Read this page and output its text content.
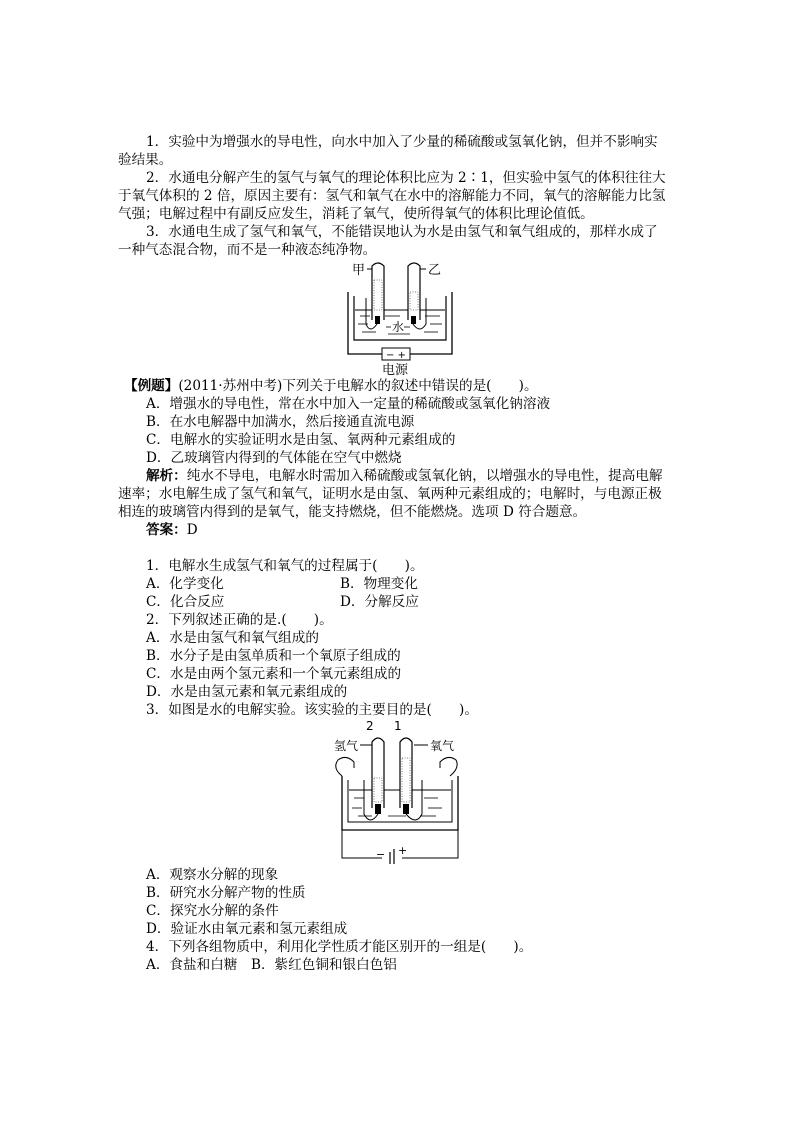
1．实验中为增强水的导电性，向水中加入了少量的稀硫酸或氢氧化钠，但并不影响实
验结果。
2．水通电分解产生的氢气与氧气的理论体积比应为 2∶1，但实验中氢气的体积往往大
于氧气体积的 2 倍，原因主要有：氢气和氧气在水中的溶解能力不同，氧气的溶解能力比氢
气强；电解过程中有副反应发生，消耗了氧气，使所得氧气的体积比理论值低。
3．水通电生成了氢气和氧气，不能错误地认为水是由氢气和氧气组成的，那样水成了
一种气态混合物，而不是一种液态纯净物。
甲	乙
水
− +
电源
【例题】(2011·苏州中考)下列关于电解水的叙述中错误的是(　　)。
A．增强水的导电性，常在水中加入一定量的稀硫酸或氢氧化钠溶液
B．在水电解器中加满水，然后接通直流电源
C．电解水的实验证明水是由氢、氧两种元素组成的
D．乙玻璃管内得到的气体能在空气中燃烧
解析：纯水不导电，电解水时需加入稀硫酸或氢氧化钠，以增强水的导电性，提高电解
速率；水电解生成了氢气和氧气，证明水是由氢、氧两种元素组成的；电解时，与电源正极
相连的玻璃管内得到的是氧气，能支持燃烧，但不能燃烧。选项 D 符合题意。
答案：D
1．电解水生成氢气和氧气的过程属于(　　)。
A．化学变化	B．物理变化
C．化合反应	D．分解反应
2．下列叙述正确的是.(　　)。
A．水是由氢气和氧气组成的
B．水分子是由氢单质和一个氧原子组成的
C．水是由两个氢元素和一个氧元素组成的
D．水是由氢元素和氧元素组成的
3．如图是水的电解实验。该实验的主要目的是(　　)。
2 1
氢气	氧气
− +
A．观察水分解的现象
B．研究水分解产物的性质
C．探究水分解的条件
D．验证水由氧元素和氢元素组成
4．下列各组物质中，利用化学性质才能区别开的一组是(　　)。
A．食盐和白糖　B．紫红色铜和银白色铝
